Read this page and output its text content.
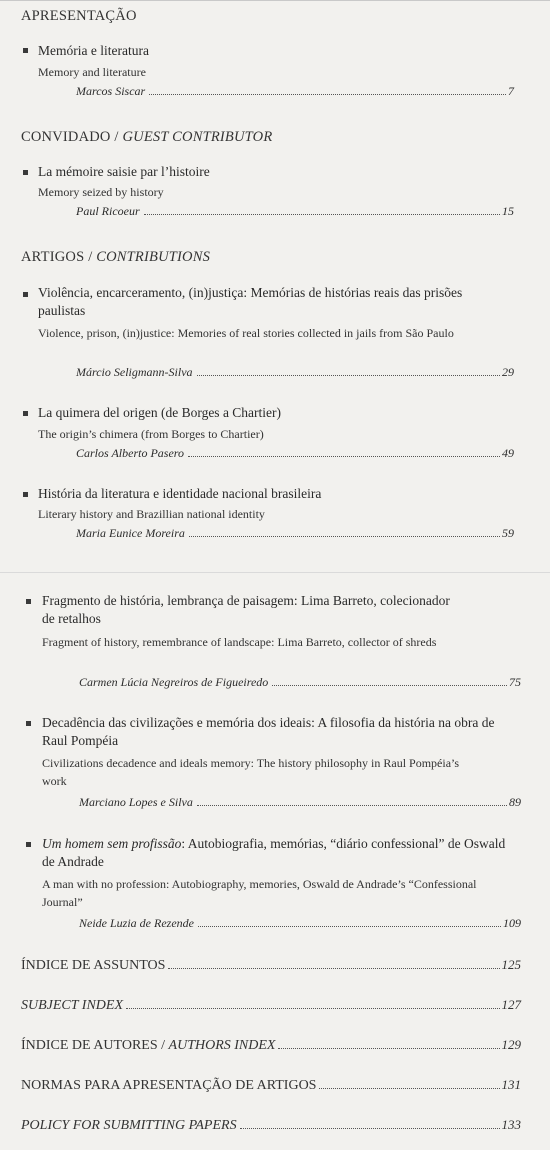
APRESENTAÇÃO
Memória e literatura
Memory and literature
Marcos Siscar	7
CONVIDADO / GUEST CONTRIBUTOR
La mémoire saisie par l’histoire
Memory seized by history
Paul Ricoeur	15
ARTIGOS / CONTRIBUTIONS
Violência, encarceramento, (in)justiça: Memórias de histórias reais das prisões paulistas
Violence, prison, (in)justice: Memories of real stories collected in jails from São Paulo
Márcio Seligmann-Silva	29
La quimera del origen (de Borges a Chartier)
The origin’s chimera (from Borges to Chartier)
Carlos Alberto Pasero	49
História da literatura e identidade nacional brasileira
Literary history and Brazillian national identity
Maria Eunice Moreira	59
Fragmento de história, lembrança de paisagem: Lima Barreto, colecionador de retalhos
Fragment of history, remembrance of landscape: Lima Barreto, collector of shreds
Carmen Lúcia Negreiros de Figueiredo	75
Decadência das civilizações e memória dos ideais: A filosofia da história na obra de Raul Pompéia
Civilizations decadence and ideals memory: The history philosophy in Raul Pompéia’s work
Marciano Lopes e Silva	89
Um homem sem profissão: Autobiografia, memórias, “diário confessional” de Oswald de Andrade
A man with no profession: Autobiography, memories, Oswald de Andrade’s “Confessional Journal”
Neide Luzia de Rezende	109
ÍNDICE DE ASSUNTOS	125
SUBJECT INDEX	127
ÍNDICE DE AUTORES / AUTHORS INDEX	129
NORMAS PARA APRESENTAÇÃO DE ARTIGOS	131
POLICY FOR SUBMITTING PAPERS	133
